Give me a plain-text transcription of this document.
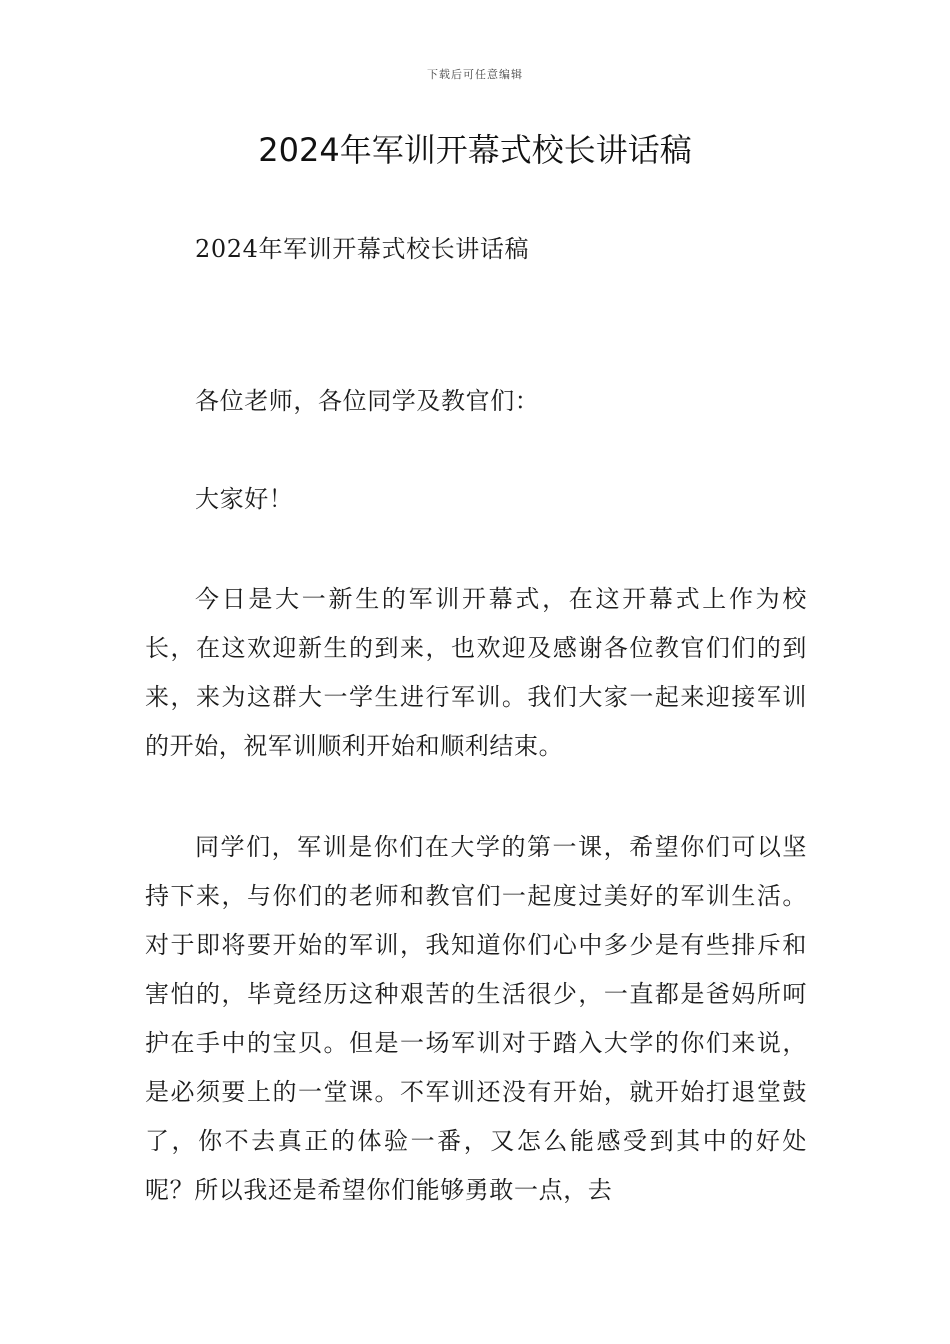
下载后可任意编辑
2024年军训开幕式校长讲话稿

2024年军训开幕式校长讲话稿

各位老师，各位同学及教官们：

大家好！

今日是大一新生的军训开幕式，在这开幕式上作为校长，在这欢迎新生的到来，也欢迎及感谢各位教官们们的到来，来为这群大一学生进行军训。我们大家一起来迎接军训的开始，祝军训顺利开始和顺利结束。

同学们，军训是你们在大学的第一课，希望你们可以坚持下来，与你们的老师和教官们一起度过美好的军训生活。对于即将要开始的军训，我知道你们心中多少是有些排斥和害怕的，毕竟经历这种艰苦的生活很少，一直都是爸妈所呵护在手中的宝贝。但是一场军训对于踏入大学的你们来说，是必须要上的一堂课。不军训还没有开始，就开始打退堂鼓了，你不去真正的体验一番，又怎么能感受到其中的好处呢？所以我还是希望你们能够勇敢一点，去
